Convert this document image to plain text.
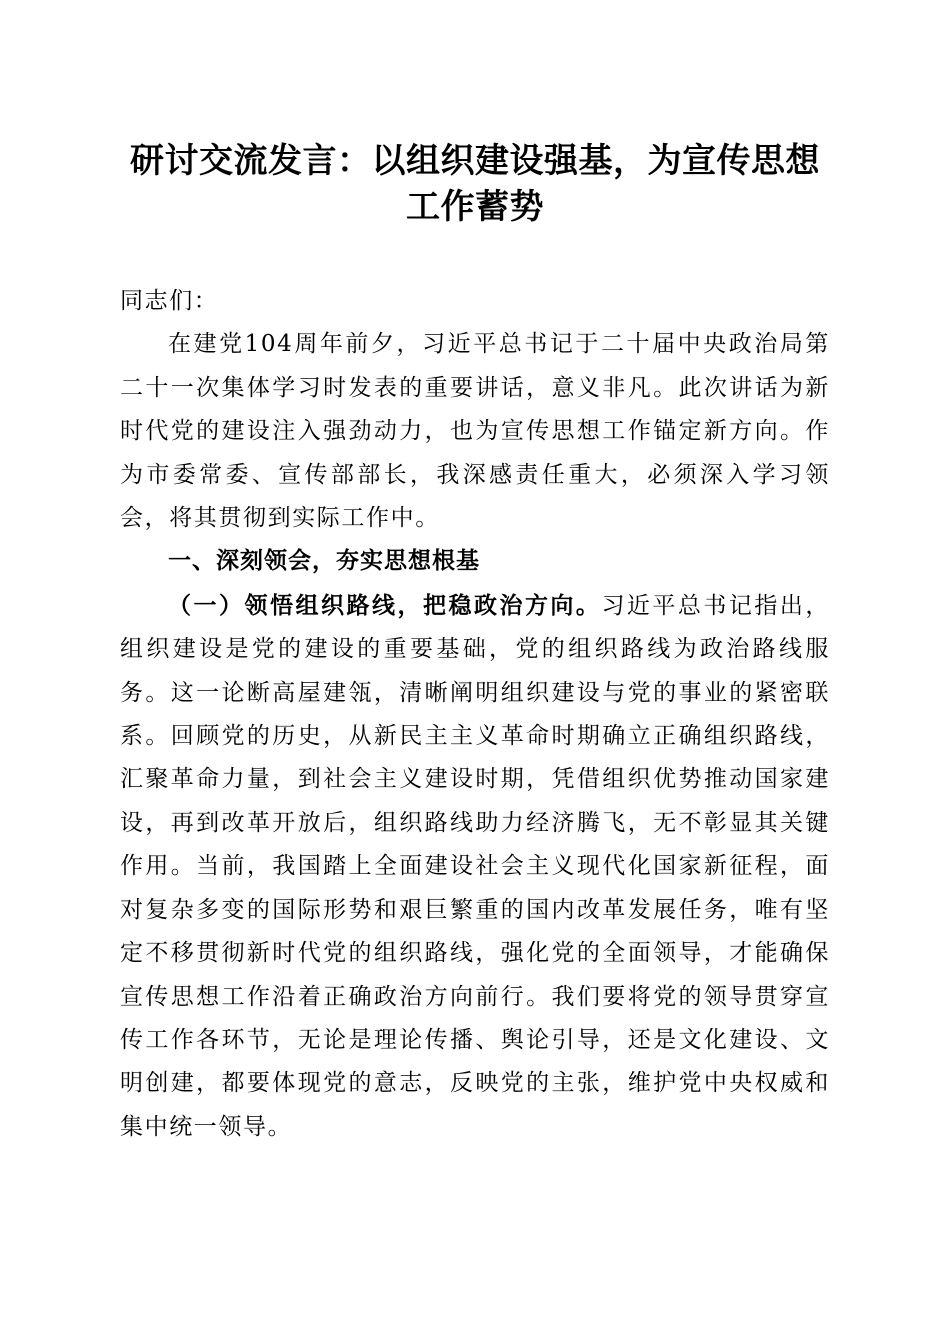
研讨交流发言：以组织建设强基，为宣传思想
工作蓄势

同志们：

在建党104周年前夕，习近平总书记于二十届中央政治局第二十一次集体学习时发表的重要讲话，意义非凡。此次讲话为新时代党的建设注入强劲动力，也为宣传思想工作锚定新方向。作为市委常委、宣传部部长，我深感责任重大，必须深入学习领会，将其贯彻到实际工作中。

一、深刻领会，夯实思想根基

（一）领悟组织路线，把稳政治方向。习近平总书记指出，组织建设是党的建设的重要基础，党的组织路线为政治路线服务。这一论断高屋建瓴，清晰阐明组织建设与党的事业的紧密联系。回顾党的历史，从新民主主义革命时期确立正确组织路线，汇聚革命力量，到社会主义建设时期，凭借组织优势推动国家建设，再到改革开放后，组织路线助力经济腾飞，无不彰显其关键作用。当前，我国踏上全面建设社会主义现代化国家新征程，面对复杂多变的国际形势和艰巨繁重的国内改革发展任务，唯有坚定不移贯彻新时代党的组织路线，强化党的全面领导，才能确保宣传思想工作沿着正确政治方向前行。我们要将党的领导贯穿宣传工作各环节，无论是理论传播、舆论引导，还是文化建设、文明创建，都要体现党的意志，反映党的主张，维护党中央权威和集中统一领导。
